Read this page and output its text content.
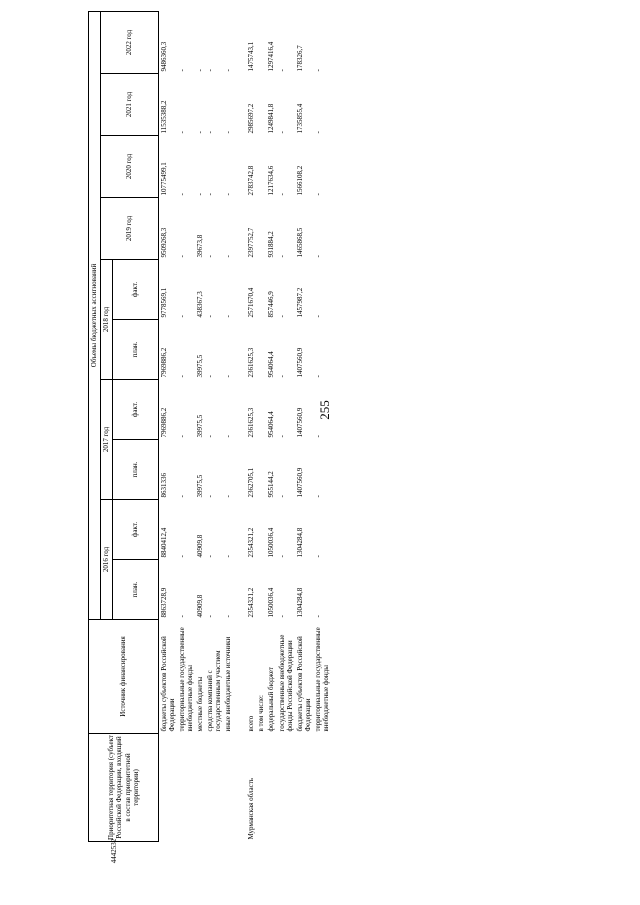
255
4442532
Приоритетная территория (субъект Российской Федерации, входящий в состав приоритетной территории)	Источник финансирования	Объемы бюджетных ассигнований									
		2016 год		2017 год		2018 год		2019 год	2020 год	2021 год	2022 год
		план.	факт.	план.	факт.	план.	факт.				
	бюджеты субъектов Российской Федерации	8863728,9	8840412,4	8631336	7969886,2	7969886,2	9778569,1	9509268,3	10775499,1	11535388,2	9486360,3
	территориальные государственные внебюджетные фонды	-	-	-	-	-	-	-	-	-	-
	местные бюджеты	40909,8	40909,8	39975,5	39975,5	39975,5	438367,3	39673,8	-	-	-
	средства компаний с государственным участием	-	-	-	-	-	-	-	-	-	-
	иные внебюджетные источники	-	-	-	-	-	-	-	-	-	-
Мурманская область	всего	2354321,2	2354321,2	2362705,1	2361625,3	2361625,3	2571670,4	2397752,7	2783742,8	2985697,2	1475743,1
	в том числе:										
	федеральный бюджет	1050036,4	1050036,4	955144,2	954064,4	954064,4	857446,9	931884,2	1217634,6	1249841,8	1297416,4
	государственные внебюджетные фонды Российской Федерации	-	-	-	-	-	-	-	-	-	-
	бюджеты субъектов Российской Федерации	1304284,8	1304284,8	1407560,9	1407560,9	1407560,9	1457987,2	1465868,5	1566108,2	1735855,4	178326,7
	территориальные государственные внебюджетные фонды	-	-	-	-	-	-	-	-	-	-
